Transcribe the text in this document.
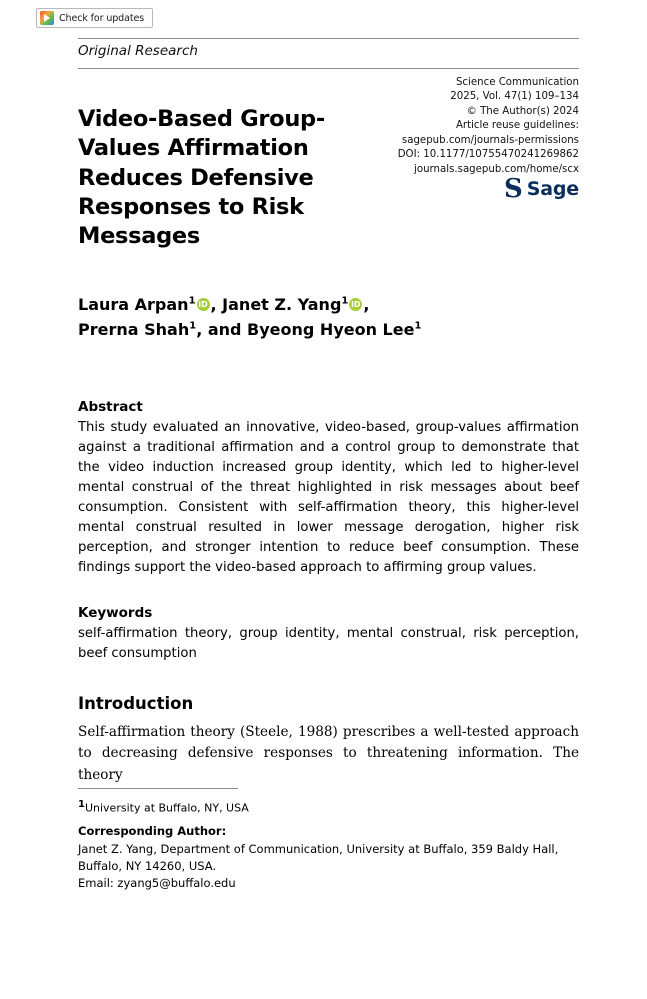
Check for updates
Original Research
Video-Based Group-Values Affirmation Reduces Defensive Responses to Risk Messages
Science Communication
2025, Vol. 47(1) 109–134
© The Author(s) 2024
Article reuse guidelines:
sagepub.com/journals-permissions
DOI: 10.1177/10755470241269862
journals.sagepub.com/home/scx
S Sage
Laura Arpan$^1$ iD , Janet Z. Yang$^1$ iD ,
Prerna Shah$^1$, and Byeong Hyeon Lee$^1$
Abstract
This study evaluated an innovative, video-based, group-values affirmation against a traditional affirmation and a control group to demonstrate that the video induction increased group identity, which led to higher-level mental construal of the threat highlighted in risk messages about beef consumption. Consistent with self-affirmation theory, this higher-level mental construal resulted in lower message derogation, higher risk perception, and stronger intention to reduce beef consumption. These findings support the video-based approach to affirming group values.
Keywords
self-affirmation theory, group identity, mental construal, risk perception, beef consumption
Introduction
Self-affirmation theory (Steele, 1988) prescribes a well-tested approach to decreasing defensive responses to threatening information. The theory
1University at Buffalo, NY, USA
Corresponding Author:
Janet Z. Yang, Department of Communication, University at Buffalo, 359 Baldy Hall, Buffalo, NY 14260, USA.
Email: zyang5@buffalo.edu
